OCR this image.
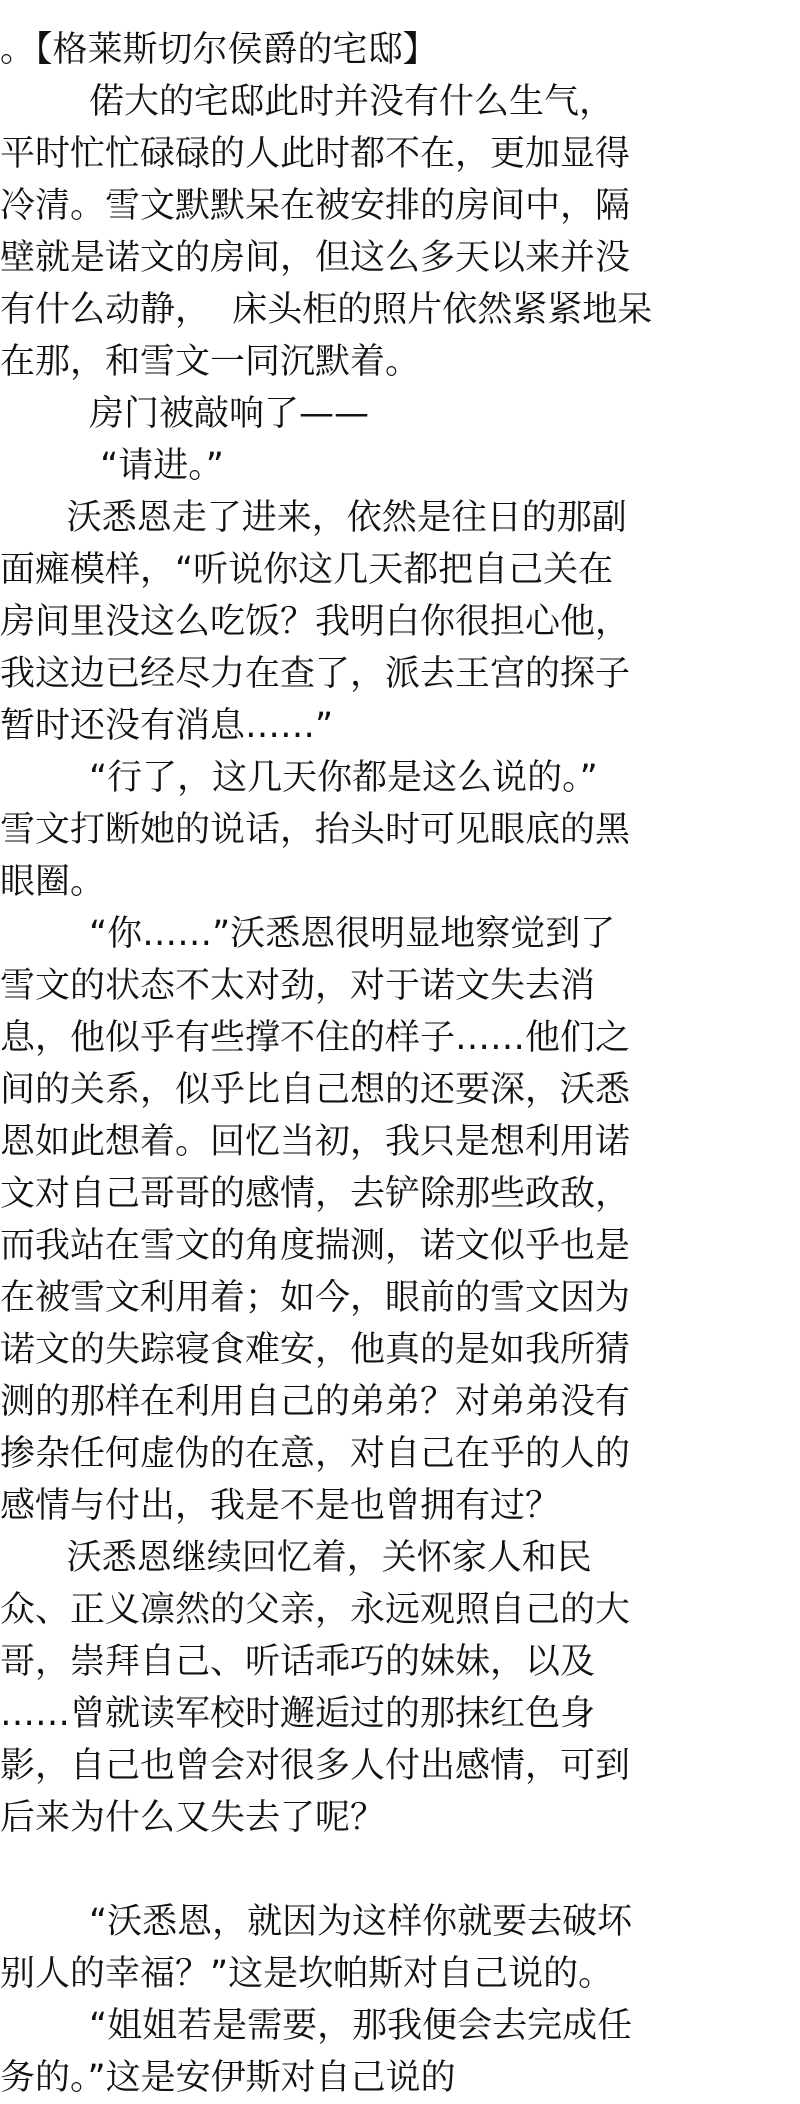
。【格莱斯切尔侯爵的宅邸】
偌大的宅邸此时并没有什么生气，
平时忙忙碌碌的人此时都不在，更加显得
冷清。雪文默默呆在被安排的房间中，隔
壁就是诺文的房间，但这么多天以来并没
有什么动静，  床头柜的照片依然紧紧地呆
在那，和雪文一同沉默着。
房门被敲响了——
“请进。”
沃悉恩走了进来，依然是往日的那副
面瘫模样，“听说你这几天都把自己关在
房间里没这么吃饭？我明白你很担心他，
我这边已经尽力在查了，派去王宫的探子
暂时还没有消息……”
“行了，这几天你都是这么说的。”
雪文打断她的说话，抬头时可见眼底的黑
眼圈。
“你……”沃悉恩很明显地察觉到了
雪文的状态不太对劲，对于诺文失去消
息，他似乎有些撑不住的样子……他们之
间的关系，似乎比自己想的还要深，沃悉
恩如此想着。回忆当初，我只是想利用诺
文对自己哥哥的感情，去铲除那些政敌，
而我站在雪文的角度揣测，诺文似乎也是
在被雪文利用着；如今，眼前的雪文因为
诺文的失踪寝食难安，他真的是如我所猜
测的那样在利用自己的弟弟？对弟弟没有
掺杂任何虚伪的在意，对自己在乎的人的
感情与付出，我是不是也曾拥有过？
沃悉恩继续回忆着，关怀家人和民
众、正义凛然的父亲，永远观照自己的大
哥，崇拜自己、听话乖巧的妹妹，以及
……曾就读军校时邂逅过的那抹红色身
影，自己也曾会对很多人付出感情，可到
后来为什么又失去了呢？
“沃悉恩，就因为这样你就要去破坏
别人的幸福？”这是坎帕斯对自己说的。
“姐姐若是需要，那我便会去完成任
务的。”这是安伊斯对自己说的
